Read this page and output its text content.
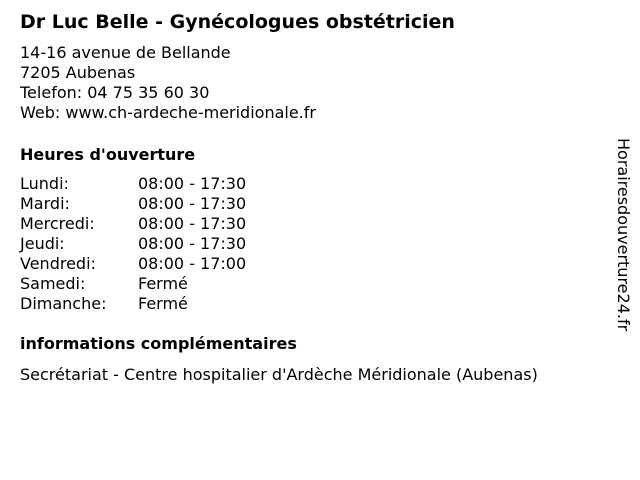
Dr Luc Belle - Gynécologues obstétricien
14-16 avenue de Bellande
7205 Aubenas
Telefon: 04 75 35 60 30
Web: www.ch-ardeche-meridionale.fr
Heures d'ouverture
Lundi:	08:00 - 17:30
Mardi:	08:00 - 17:30
Mercredi:	08:00 - 17:30
Jeudi:	08:00 - 17:30
Vendredi:	08:00 - 17:00
Samedi:	Fermé
Dimanche:	Fermé
informations complémentaires
Secrétariat - Centre hospitalier d'Ardèche Méridionale (Aubenas)
Horairesdouverture24.fr
